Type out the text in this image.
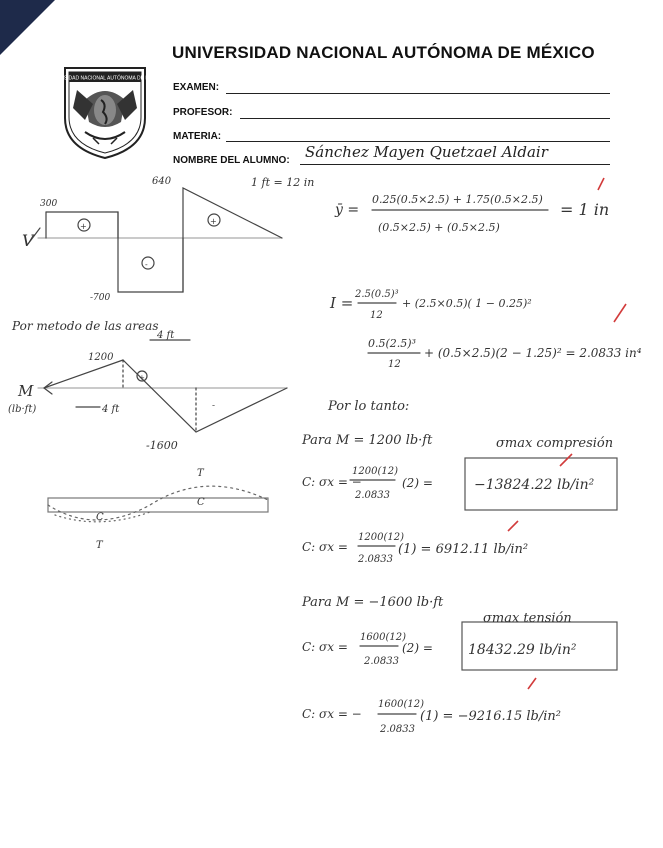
UNIVERSIDAD NACIONAL AUTÓNOMA DE MÉXICO
UNIVERSIDAD NACIONAL AUTÓNOMA DE MÉXICO
EXAMEN:
PROFESOR:
MATERIA:
NOMBRE DEL ALUMNO: Sánchez Mayen Quetzael Aldair
300
640
-700
V
1 ft = 12 in
+
-
+
Por metodo de las areas
4 ft
1200
M
(lb·ft)	4 ft
-1600
+
-
T
C
C
T
ȳ =
0.25(0.5×2.5) + 1.75(0.5×2.5)
(0.5×2.5) + (0.5×2.5)
= 1 in
I = 2.5(0.5)³
12
+ (2.5×0.5)( 1 − 0.25)²
0.5(2.5)³
12
+ (0.5×2.5)(2 − 1.25)² = 2.0833 in⁴
Por lo tanto:
Para M = 1200 lb·ft	σmax compresión
C: σx = −
1200(12)
2.0833
(2) =	−13824.22 lb/in²
C: σx =
1200(12)
2.0833
(1) = 6912.11 lb/in²
Para M = −1600 lb·ft
σmax tensión
C: σx =
1600(12)
2.0833
(2) =	18432.29 lb/in²
C: σx = −
1600(12)
2.0833
(1) = −9216.15 lb/in²
